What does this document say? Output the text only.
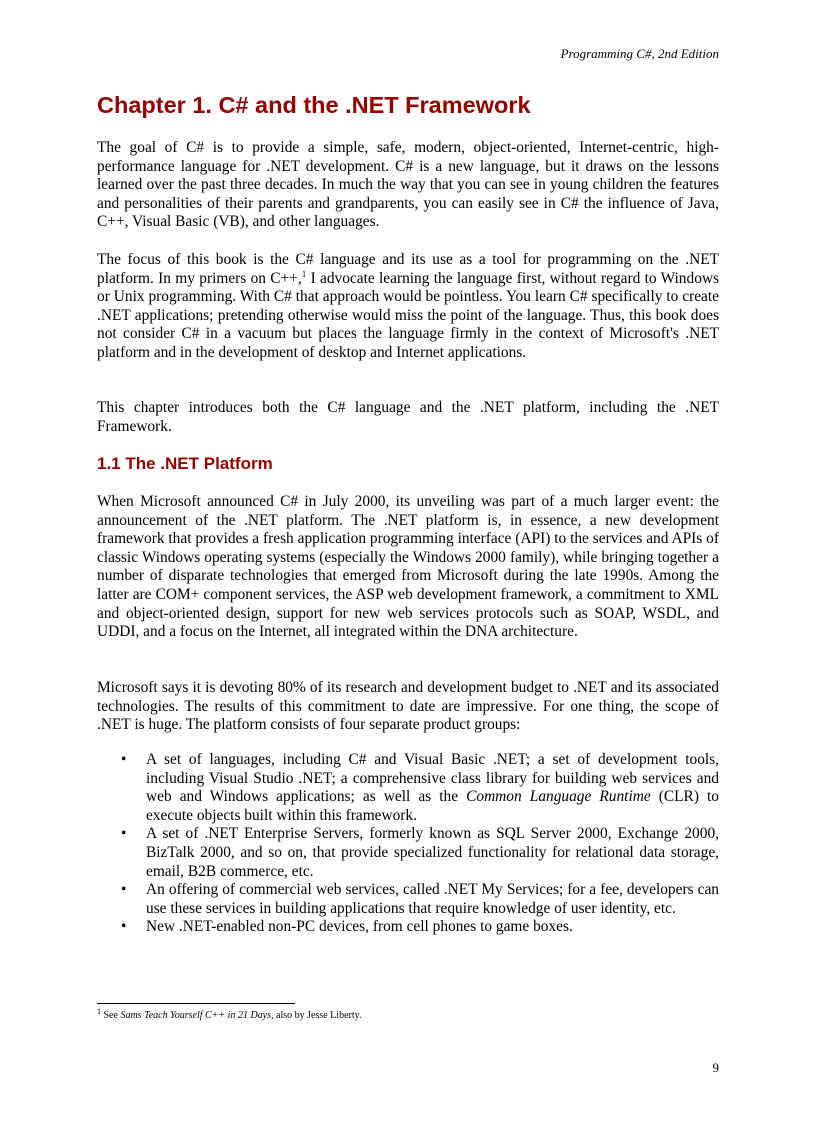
Programming C#, 2nd Edition
Chapter 1. C# and the .NET Framework

The goal of C# is to provide a simple, safe, modern, object-oriented, Internet-centric, high-performance language for .NET development. C# is a new language, but it draws on the lessons learned over the past three decades. In much the way that you can see in young children the features and personalities of their parents and grandparents, you can easily see in C# the influence of Java, C++, Visual Basic (VB), and other languages.

The focus of this book is the C# language and its use as a tool for programming on the .NET platform. In my primers on C++,$^1$ I advocate learning the language first, without regard to Windows or Unix programming. With C# that approach would be pointless. You learn C# specifically to create .NET applications; pretending otherwise would miss the point of the language. Thus, this book does not consider C# in a vacuum but places the language firmly in the context of Microsoft's .NET platform and in the development of desktop and Internet applications.

This chapter introduces both the C# language and the .NET platform, including the .NET Framework.

1.1 The .NET Platform

When Microsoft announced C# in July 2000, its unveiling was part of a much larger event: the announcement of the .NET platform. The .NET platform is, in essence, a new development framework that provides a fresh application programming interface (API) to the services and APIs of classic Windows operating systems (especially the Windows 2000 family), while bringing together a number of disparate technologies that emerged from Microsoft during the late 1990s. Among the latter are COM+ component services, the ASP web development framework, a commitment to XML and object-oriented design, support for new web services protocols such as SOAP, WSDL, and UDDI, and a focus on the Internet, all integrated within the DNA architecture.

Microsoft says it is devoting 80% of its research and development budget to .NET and its associated technologies. The results of this commitment to date are impressive. For one thing, the scope of .NET is huge. The platform consists of four separate product groups:

• A set of languages, including C# and Visual Basic .NET; a set of development tools, including Visual Studio .NET; a comprehensive class library for building web services and web and Windows applications; as well as the Common Language Runtime (CLR) to execute objects built within this framework.
• A set of .NET Enterprise Servers, formerly known as SQL Server 2000, Exchange 2000, BizTalk 2000, and so on, that provide specialized functionality for relational data storage, email, B2B commerce, etc.
• An offering of commercial web services, called .NET My Services; for a fee, developers can use these services in building applications that require knowledge of user identity, etc.
• New .NET-enabled non-PC devices, from cell phones to game boxes.
$^1$ See Sams Teach Yourself C++ in 21 Days, also by Jesse Liberty.
9
